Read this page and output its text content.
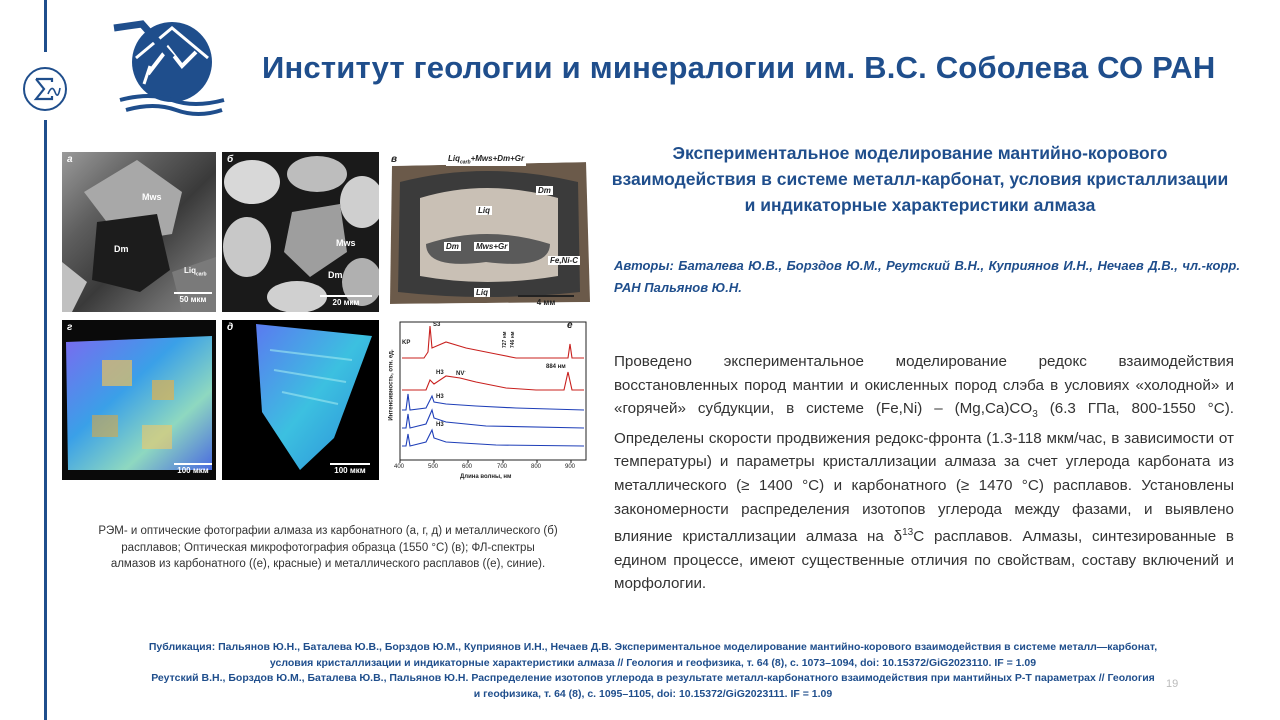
Институт геологии и минералогии им. В.С. Соболева СО РАН
а
Mws
Dm
Liq$_{carb}$
50 мкм
б
Mws
Dm
20 мкм
в	Liq$_{carb}$+Mws+Dm+Gr
Dm
Liq
Dm Mws+Gr
Fe,Ni-C
Liq
4 мм
г
100 мкм
д
100 мкм
Интенсивность, отн. ед.
е
S3
KP
H3 NV-
727 нм 746 нм
884 нм
H3
H3
400	500	600	700	800	900
Длина волны, нм
РЭМ- и оптические фотографии алмаза из карбонатного (а, г, д) и металлического (б) расплавов; Оптическая микрофотография образца (1550 °С) (в); ФЛ-спектры алмазов из карбонатного ((е), красные) и металлического расплавов ((е), синие).
Экспериментальное моделирование мантийно-корового взаимодействия в системе металл-карбонат, условия кристаллизации и индикаторные характеристики алмаза
Авторы: Баталева Ю.В., Борздов Ю.М., Реутский В.Н., Куприянов И.Н., Нечаев Д.В., чл.-корр. РАН Пальянов Ю.Н.
Проведено экспериментальное моделирование редокс взаимодействия восстановленных пород мантии и окисленных пород слэба в условиях «холодной» и «горячей» субдукции, в системе $(Fe,Ni) - (Mg,Ca)CO_3$ (6.3 ГПа, 800-1550 °С). Определены скорости продвижения редокс-фронта (1.3-118 мкм/час, в зависимости от температуры) и параметры кристаллизации алмаза за счет углерода карбоната из металлического (≥ 1400 °С) и карбонатного (≥ 1470 °С) расплавов. Установлены закономерности распределения изотопов углерода между фазами, и выявлено влияние кристаллизации алмаза на $\delta^{13}С$ расплавов. Алмазы, синтезированные в едином процессе, имеют существенные отличия по свойствам, составу включений и морфологии.
Публикация: Пальянов Ю.Н., Баталева Ю.В., Борздов Ю.М., Куприянов И.Н., Нечаев Д.В. Экспериментальное моделирование мантийно-корового взаимодействия в системе металл—карбонат,
условия кристаллизации и индикаторные характеристики алмаза // Геология и геофизика, т. 64 (8), с. 1073–1094, doi: 10.15372/GiG2023110. IF = 1.09
Реутский В.Н., Борздов Ю.М., Баталева Ю.В., Пальянов Ю.Н. Распределение изотопов углерода в результате металл-карбонатного взаимодействия при мантийных P-T параметрах // Геология
и геофизика, т. 64 (8), с. 1095–1105, doi: 10.15372/GiG2023111. IF = 1.09
19
